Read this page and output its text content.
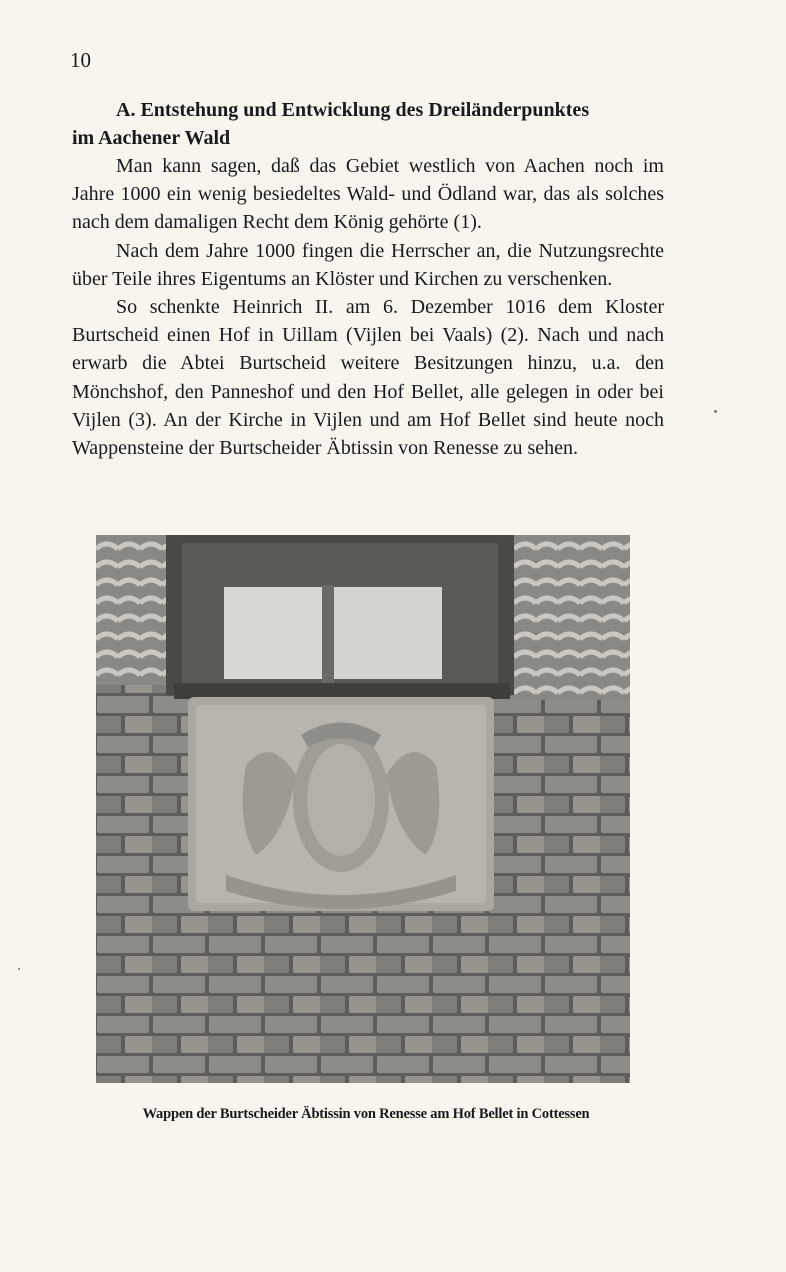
10
A. Entstehung und Entwicklung des Dreiländerpunktes
im Aachener Wald

Man kann sagen, daß das Gebiet westlich von Aachen noch im Jahre 1000 ein wenig besiedeltes Wald- und Ödland war, das als solches nach dem damaligen Recht dem König gehörte (1).

Nach dem Jahre 1000 fingen die Herrscher an, die Nutzungsrechte über Teile ihres Eigentums an Klöster und Kirchen zu verschenken.

So schenkte Heinrich II. am 6. Dezember 1016 dem Kloster Burtscheid einen Hof in Uillam (Vijlen bei Vaals) (2). Nach und nach erwarb die Abtei Burtscheid weitere Besitzungen hinzu, u.a. den Mönchshof, den Panneshof und den Hof Bellet, alle gelegen in oder bei Vijlen (3). An der Kirche in Vijlen und am Hof Bellet sind heute noch Wappensteine der Burtscheider Äbtissin von Renesse zu sehen.

Wappen der Burtscheider Äbtissin von Renesse am Hof Bellet in Cottessen
